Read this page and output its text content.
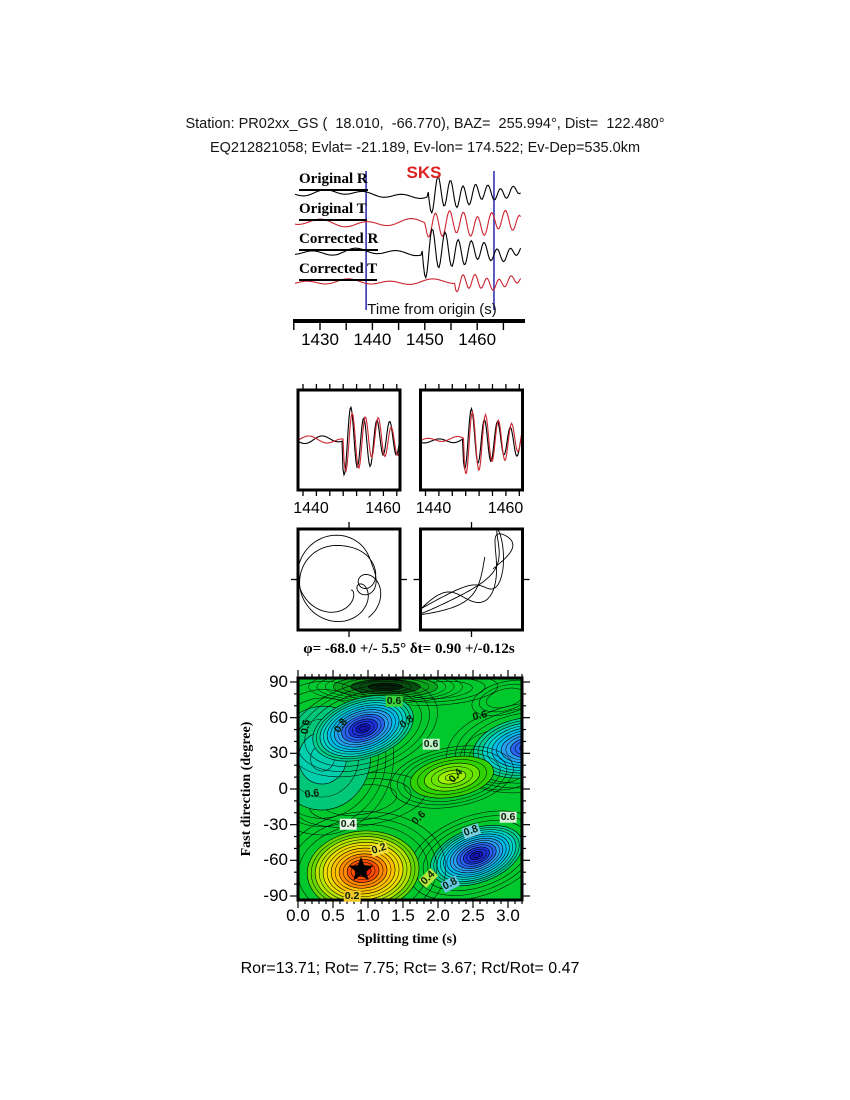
Station: PR02xx_GS (  18.010,  -66.770), BAZ=  255.994°, Dist=  122.480°
EQ212821058; Evlat= -21.189, Ev-lon= 174.522; Ev-Dep=535.0km
SKS
Original R
Original T
Corrected R
Corrected T
Time from origin (s)
φ= -68.0 +/- 5.5° δt= 0.90 +/-0.12s
Fast direction (degree)
Splitting time (s)
Ror=13.71; Rot= 7.75; Rct= 3.67; Rct/Rot= 0.47
1430 1440 1450 1460
1440 1460 1440 1460
90
60
30
0
-30
-60
-90
0.0 0.5 1.0 1.5 2.0 2.5 3.0
0.6
0.8	0.8
0.6
0.6
0.6
0.4
0.6
0.4	0.6	0.6
0.8
0.2
0.4 0.8
0.2
